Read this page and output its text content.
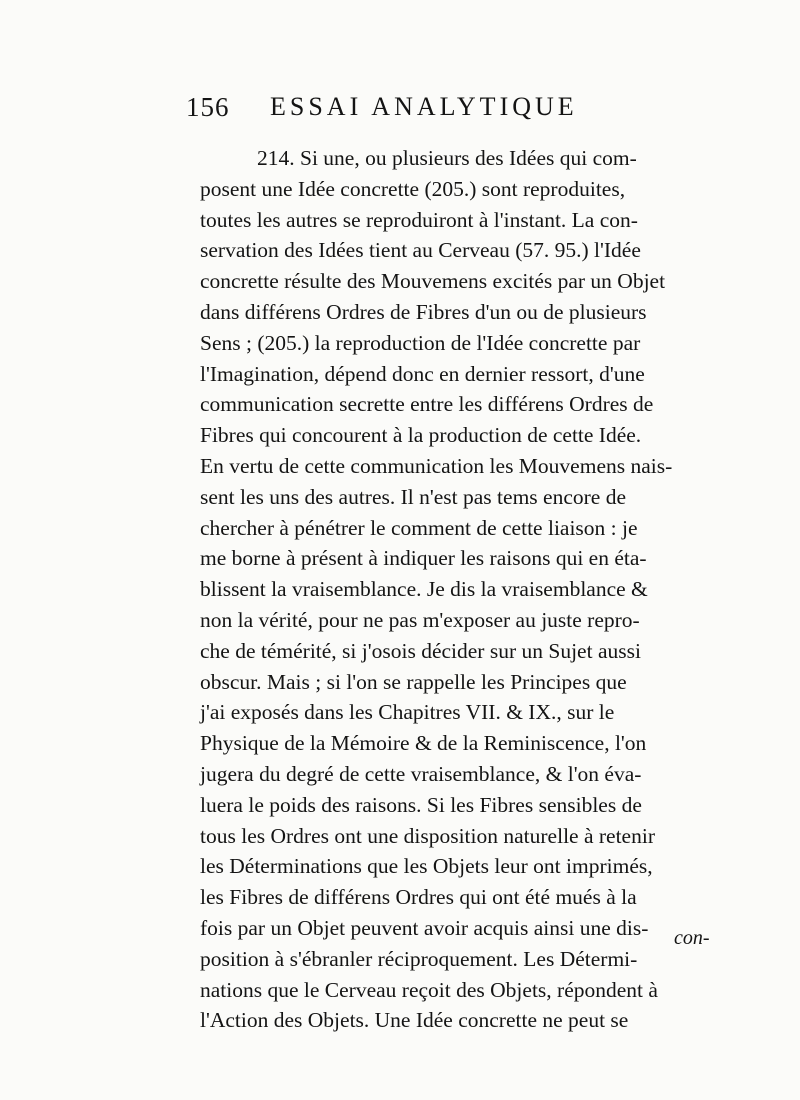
156 ESSAI ANALYTIQUE
214. Si une, ou plusieurs des Idées qui com-
posent une Idée concrette (205.) sont reproduites,
toutes les autres se reproduiront à l'instant. La con-
servation des Idées tient au Cerveau (57. 95.) l'Idée
concrette résulte des Mouvemens excités par un Objet
dans différens Ordres de Fibres d'un ou de plusieurs
Sens ; (205.) la reproduction de l'Idée concrette par
l'Imagination, dépend donc en dernier ressort, d'une
communication secrette entre les différens Ordres de
Fibres qui concourent à la production de cette Idée.
En vertu de cette communication les Mouvemens nais-
sent les uns des autres. Il n'est pas tems encore de
chercher à pénétrer le comment de cette liaison : je
me borne à présent à indiquer les raisons qui en éta-
blissent la vraisemblance. Je dis la vraisemblance &
non la vérité, pour ne pas m'exposer au juste repro-
che de témérité, si j'osois décider sur un Sujet aussi
obscur. Mais ; si l'on se rappelle les Principes que
j'ai exposés dans les Chapitres VII. & IX., sur le
Physique de la Mémoire & de la Reminiscence, l'on
jugera du degré de cette vraisemblance, & l'on éva-
luera le poids des raisons. Si les Fibres sensibles de
tous les Ordres ont une disposition naturelle à retenir
les Déterminations que les Objets leur ont imprimés,
les Fibres de différens Ordres qui ont été mués à la
fois par un Objet peuvent avoir acquis ainsi une dis-
position à s'ébranler réciproquement. Les Détermi-
nations que le Cerveau reçoit des Objets, répondent à
l'Action des Objets. Une Idée concrette ne peut se
con-
